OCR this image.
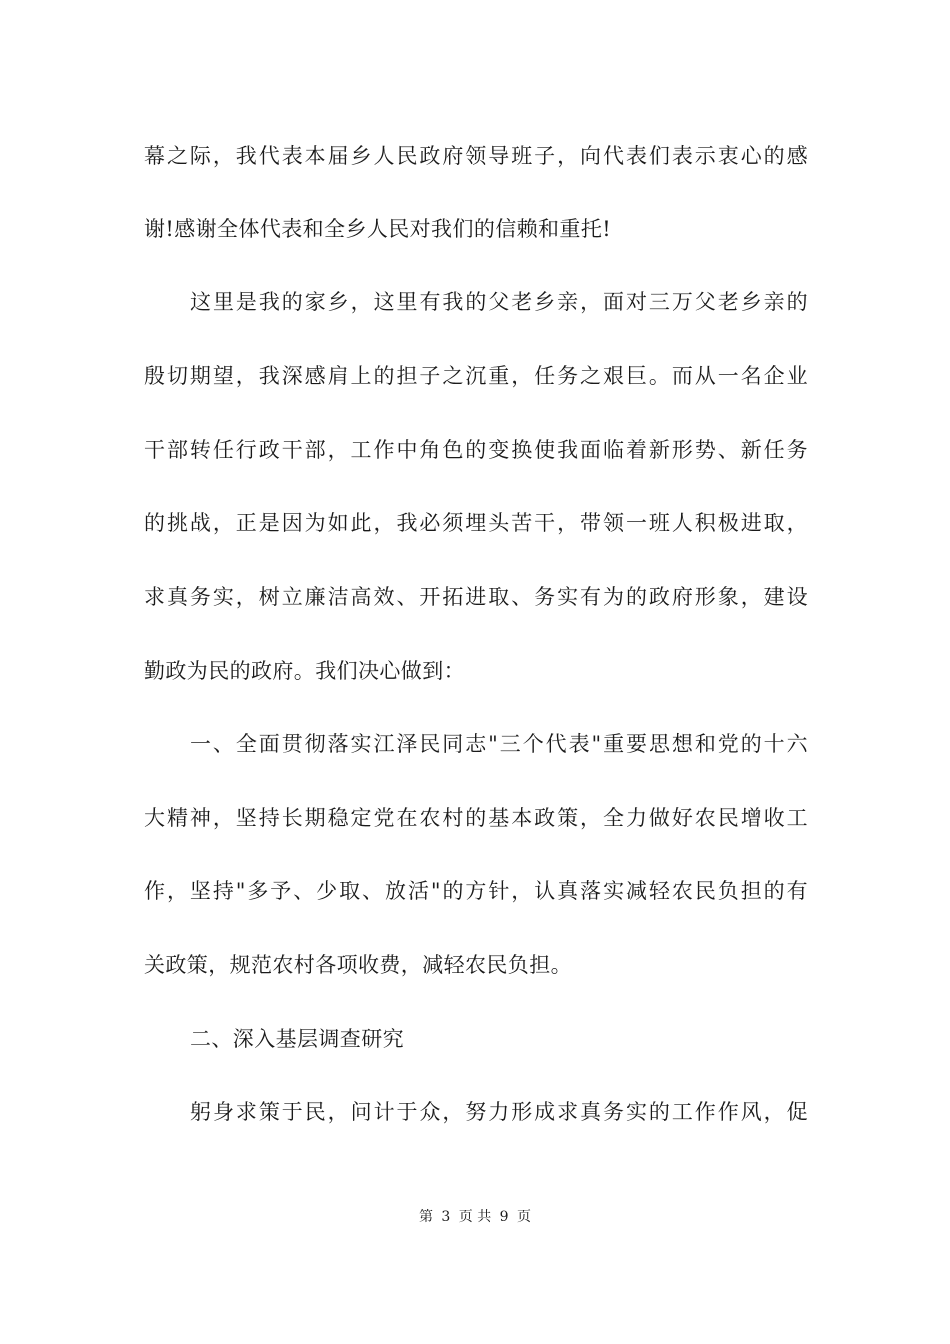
幕之际，我代表本届乡人民政府领导班子，向代表们表示衷心的感
谢!感谢全体代表和全乡人民对我们的信赖和重托!
这里是我的家乡，这里有我的父老乡亲，面对三万父老乡亲的
殷切期望，我深感肩上的担子之沉重，任务之艰巨。而从一名企业
干部转任行政干部，工作中角色的变换使我面临着新形势、新任务
的挑战，正是因为如此，我必须埋头苦干，带领一班人积极进取，
求真务实，树立廉洁高效、开拓进取、务实有为的政府形象，建设
勤政为民的政府。我们决心做到：
一、全面贯彻落实江泽民同志"三个代表"重要思想和党的十六
大精神，坚持长期稳定党在农村的基本政策，全力做好农民增收工
作，坚持"多予、少取、放活"的方针，认真落实减轻农民负担的有
关政策，规范农村各项收费，减轻农民负担。
二、深入基层调查研究
躬身求策于民，问计于众，努力形成求真务实的工作作风，促
第 3 页 共 9 页
